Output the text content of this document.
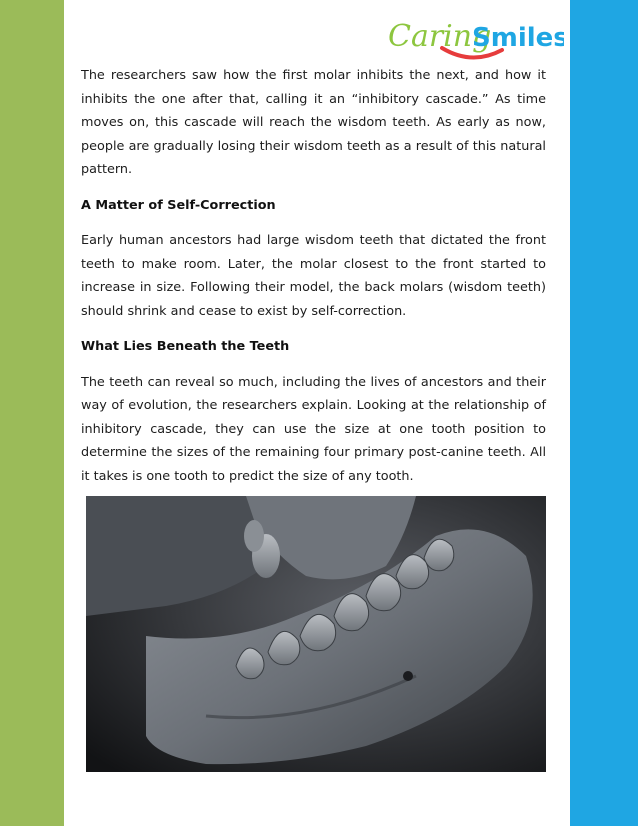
Caring
Smiles

The researchers saw how the first molar inhibits the next, and how it inhibits the one after that, calling it an “inhibitory cascade.” As time moves on, this cascade will reach the wisdom teeth. As early as now, people are gradually losing their wisdom teeth as a result of this natural pattern.

A Matter of Self-Correction

Early human ancestors had large wisdom teeth that dictated the front teeth to make room. Later, the molar closest to the front started to increase in size. Following their model, the back molars (wisdom teeth) should shrink and cease to exist by self-correction.

What Lies Beneath the Teeth

The teeth can reveal so much, including the lives of ancestors and their way of evolution, the researchers explain. Looking at the relationship of inhibitory cascade, they can use the size at one tooth position to determine the sizes of the remaining four primary post-canine teeth. All it takes is one tooth to predict the size of any tooth.
